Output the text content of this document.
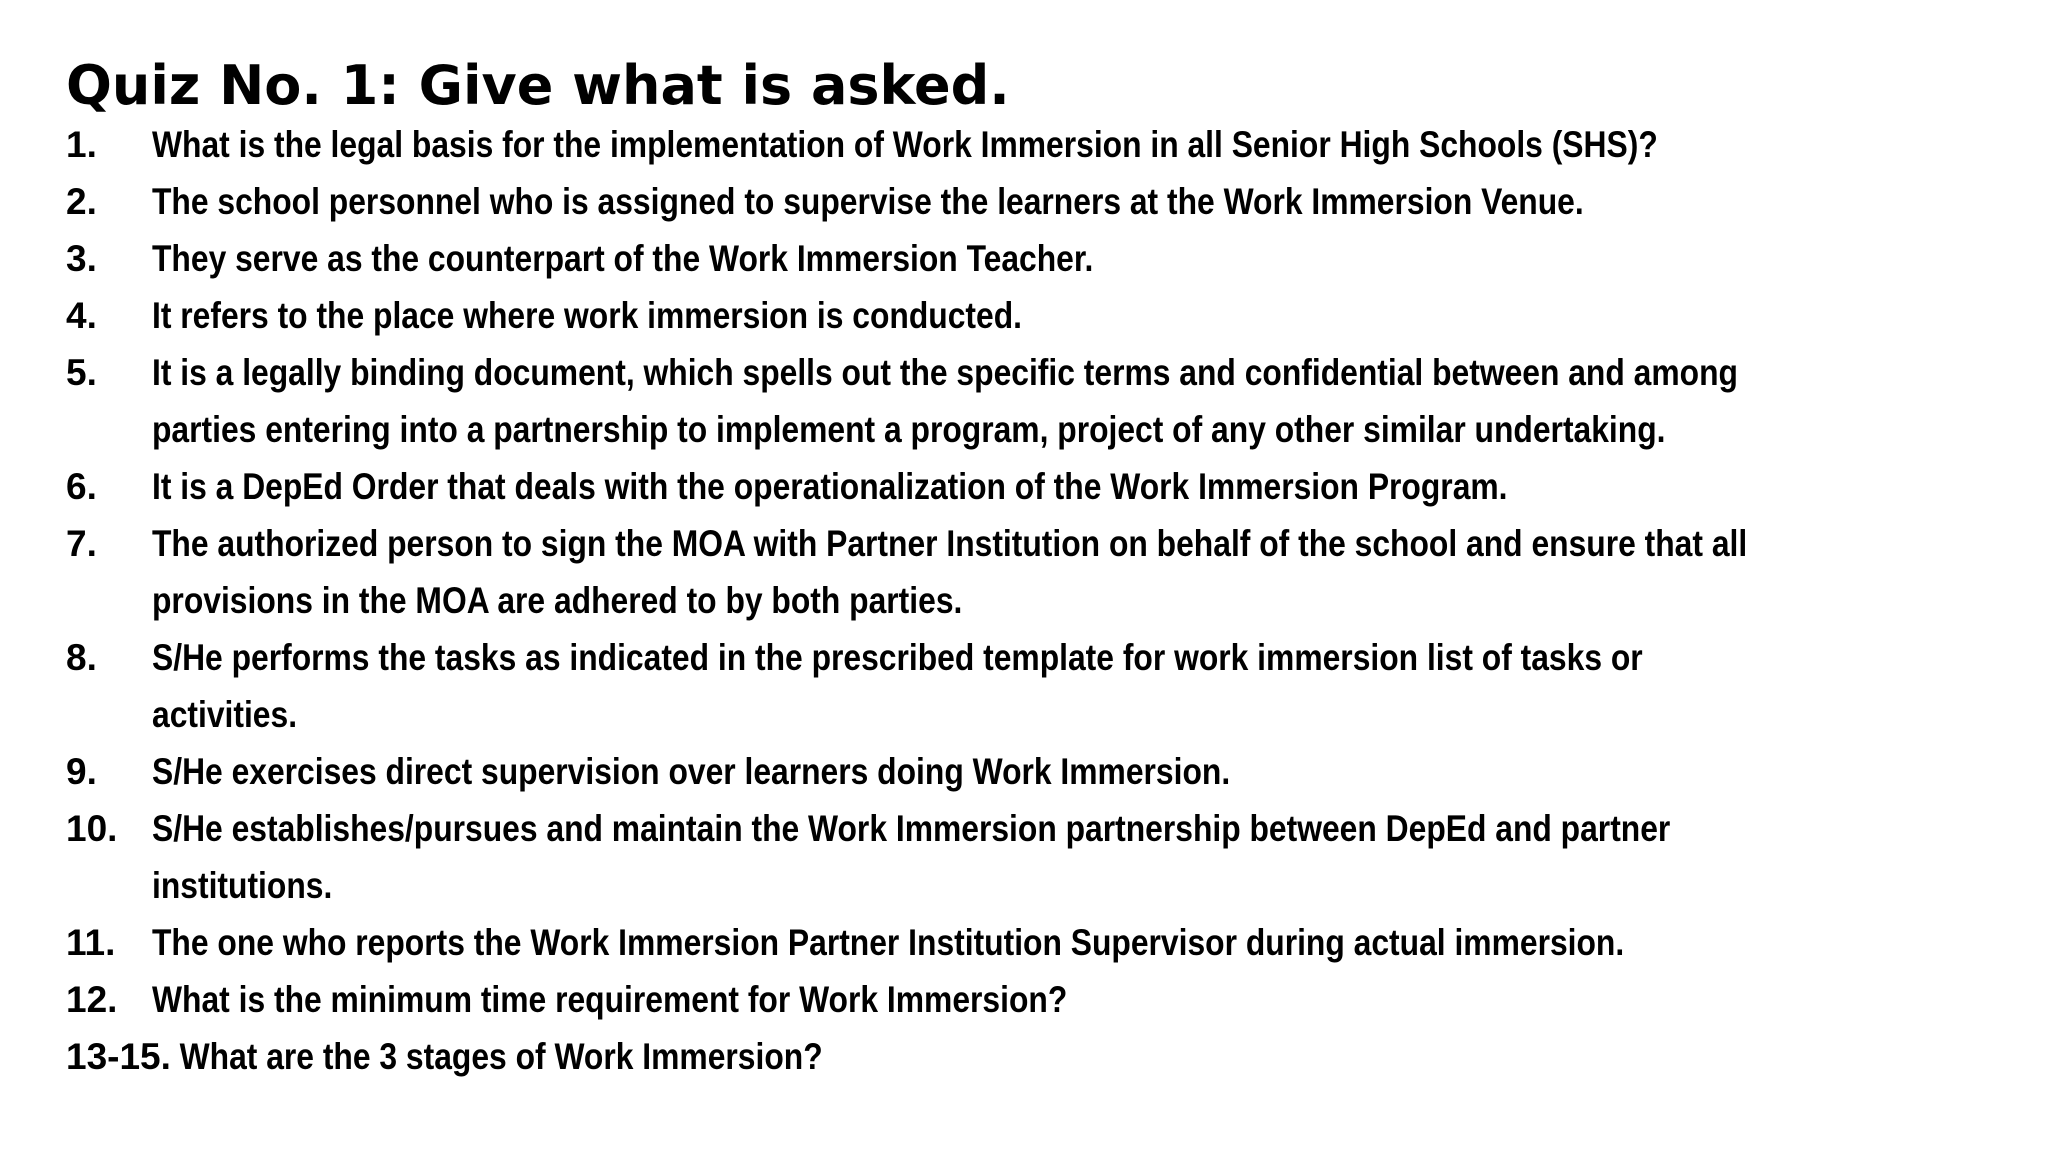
Quiz No. 1: Give what is asked.
1.	What is the legal basis for the implementation of Work Immersion in all Senior High Schools (SHS)?
2.	The school personnel who is assigned to supervise the learners at the Work Immersion Venue.
3.	They serve as the counterpart of the Work Immersion Teacher.
4.	It refers to the place where work immersion is conducted.
5.	It is a legally binding document, which spells out the specific terms and confidential between and among parties entering into a partnership to implement a program, project of any other similar undertaking.
6.	It is a DepEd Order that deals with the operationalization of the Work Immersion Program.
7.	The authorized person to sign the MOA with Partner Institution on behalf of the school and ensure that all provisions in the MOA are adhered to by both parties.
8.	S/He performs the tasks as indicated in the prescribed template for work immersion list of tasks or activities.
9.	S/He exercises direct supervision over learners doing Work Immersion.
10. S/He establishes/pursues and maintain the Work Immersion partnership between DepEd and partner institutions.
11. The one who reports the Work Immersion Partner Institution Supervisor during actual immersion.
12. What is the minimum time requirement for Work Immersion?
13-15. What are the 3 stages of Work Immersion?
